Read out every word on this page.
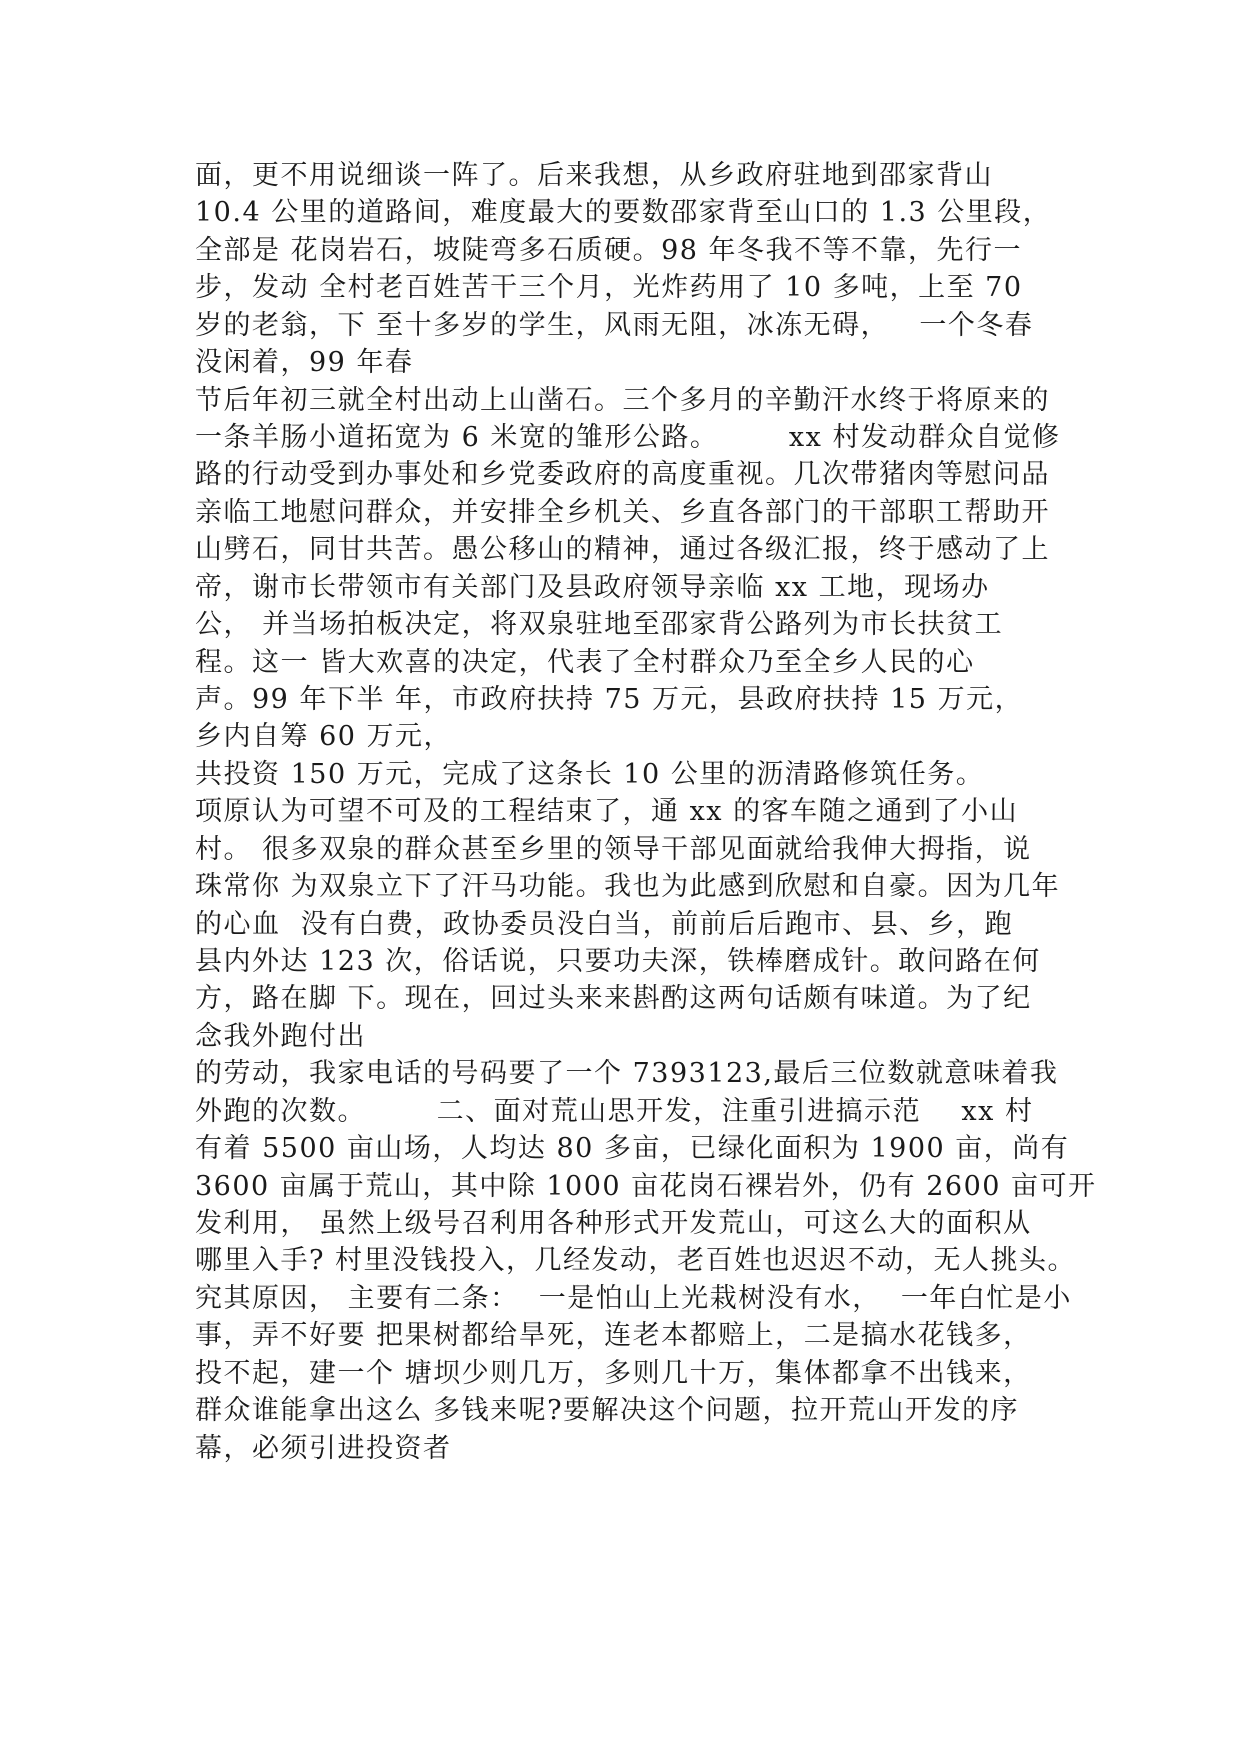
面，更不用说细谈一阵了。后来我想，从乡政府驻地到邵家背山

10.4 公里的道路间，难度最大的要数邵家背至山口的 1.3 公里段，

全部是 花岗岩石，坡陡弯多石质硬。98 年冬我不等不靠，先行一

步，发动 全村老百姓苦干三个月，光炸药用了 10 多吨，上至 70

岁的老翁，下 至十多岁的学生，风雨无阻，冰冻无碍，   一个冬春

没闲着，99 年春

节后年初三就全村出动上山凿石。三个多月的辛勤汗水终于将原来的

一条羊肠小道拓宽为 6 米宽的雏形公路。       xx 村发动群众自觉修

路的行动受到办事处和乡党委政府的高度重视。几次带猪肉等慰问品

亲临工地慰问群众，并安排全乡机关、乡直各部门的干部职工帮助开

山劈石，同甘共苦。愚公移山的精神，通过各级汇报，终于感动了上

帝，谢市长带领市有关部门及县政府领导亲临 xx 工地，现场办

公， 并当场拍板决定，将双泉驻地至邵家背公路列为市长扶贫工

程。这一 皆大欢喜的决定，代表了全村群众乃至全乡人民的心

声。99 年下半 年，市政府扶持 75 万元，县政府扶持 15 万元，

乡内自筹 60 万元，

共投资 150 万元，完成了这条长 10 公里的沥清路修筑任务。

项原认为可望不可及的工程结束了，通 xx 的客车随之通到了小山

村。 很多双泉的群众甚至乡里的领导干部见面就给我伸大拇指，说

珠常你 为双泉立下了汗马功能。我也为此感到欣慰和自豪。因为几年

的心血  没有白费，政协委员没白当，前前后后跑市、县、乡，跑

县内外达 123 次，俗话说，只要功夫深，铁棒磨成针。敢问路在何

方，路在脚 下。现在，回过头来来斟酌这两句话颇有味道。为了纪

念我外跑付出

的劳动，我家电话的号码要了一个 7393123,最后三位数就意味着我

外跑的次数。       二、面对荒山思开发，注重引进搞示范    xx 村

有着 5500 亩山场，人均达 80 多亩，已绿化面积为 1900 亩，尚有

3600 亩属于荒山，其中除 1000 亩花岗石裸岩外，仍有 2600 亩可开

发利用， 虽然上级号召利用各种形式开发荒山，可这么大的面积从

哪里入手? 村里没钱投入，几经发动，老百姓也迟迟不动，无人挑头。

究其原因， 主要有二条：  一是怕山上光栽树没有水，  一年白忙是小

事，弄不好要 把果树都给旱死，连老本都赔上，二是搞水花钱多，

投不起，建一个 塘坝少则几万，多则几十万，集体都拿不出钱来，

群众谁能拿出这么 多钱来呢?要解决这个问题，拉开荒山开发的序

幕，必须引进投资者
